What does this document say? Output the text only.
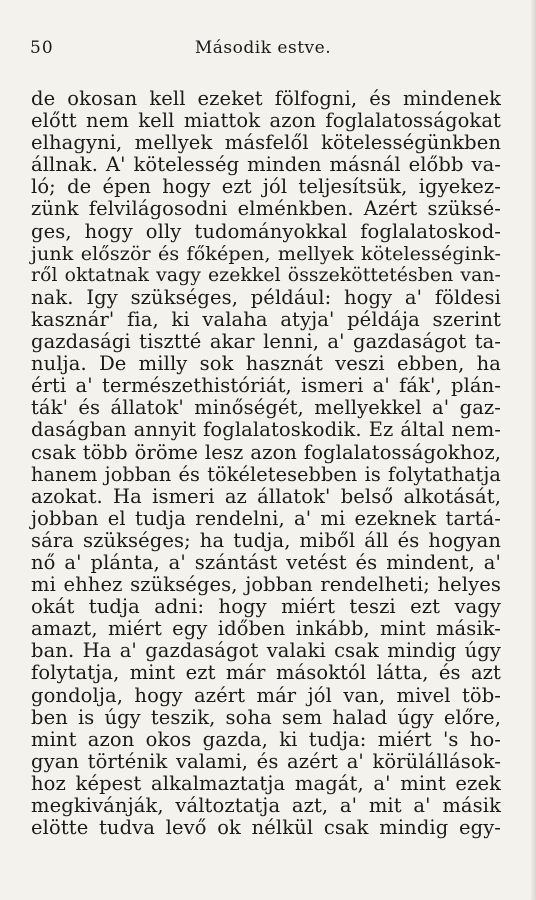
50	Második estve.
de okosan kell ezeket fölfogni, és mindenek
előtt nem kell miattok azon foglalatosságokat
elhagyni, mellyek másfelől kötelességünkben
állnak. A' kötelesség minden másnál előbb va-
ló; de épen hogy ezt jól teljesítsük, igyekez-
zünk felvilágosodni elménkben. Azért szüksé-
ges, hogy olly tudományokkal foglalatoskod-
junk először és főképen, mellyek kötelességink-
ről oktatnak vagy ezekkel összeköttetésben van-
nak. Igy szükséges, például: hogy a' földesi
kasznár' fia, ki valaha atyja' példája szerint
gazdasági tisztté akar lenni, a' gazdaságot ta-
nulja. De milly sok hasznát veszi ebben, ha
érti a' természethistóriát, ismeri a' fák', plán-
ták' és állatok' minőségét, mellyekkel a' gaz-
daságban annyit foglalatoskodik. Ez által nem-
csak több öröme lesz azon foglalatosságokhoz,
hanem jobban és tökéletesebben is folytathatja
azokat. Ha ismeri az állatok' belső alkotását,
jobban el tudja rendelni, a' mi ezeknek tartá-
sára szükséges; ha tudja, miből áll és hogyan
nő a' plánta, a' szántást vetést és mindent, a'
mi ehhez szükséges, jobban rendelheti; helyes
okát tudja adni: hogy miért teszi ezt vagy
amazt, miért egy időben inkább, mint másik-
ban. Ha a' gazdaságot valaki csak mindig úgy
folytatja, mint ezt már másoktól látta, és azt
gondolja, hogy azért már jól van, mivel töb-
ben is úgy teszik, soha sem halad úgy előre,
mint azon okos gazda, ki tudja: miért 's ho-
gyan történik valami, és azért a' körülállások-
hoz képest alkalmaztatja magát, a' mint ezek
megkivánják, változtatja azt, a' mit a' másik
elötte tudva levő ok nélkül csak mindig egy-
